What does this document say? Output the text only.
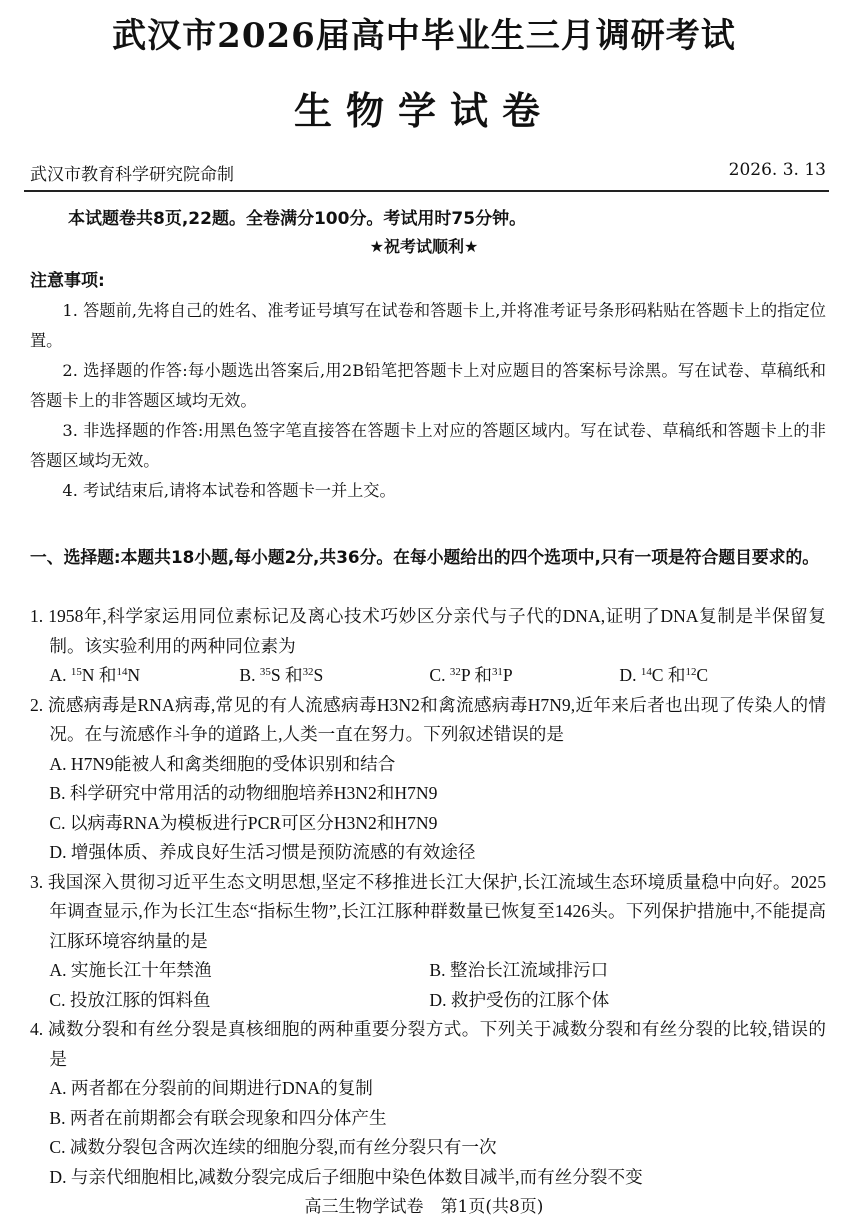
武汉市2026届高中毕业生三月调研考试
生物学试卷
武汉市教育科学研究院命制	2026. 3. 13
本试题卷共8页,22题。全卷满分100分。考试用时75分钟。
★祝考试顺利★
注意事项:

1. 答题前,先将自己的姓名、准考证号填写在试卷和答题卡上,并将准考证号条形码粘贴在答题卡上的指定位置。

2. 选择题的作答:每小题选出答案后,用2B铅笔把答题卡上对应题目的答案标号涂黑。写在试卷、草稿纸和答题卡上的非答题区域均无效。

3. 非选择题的作答:用黑色签字笔直接答在答题卡上对应的答题区域内。写在试卷、草稿纸和答题卡上的非答题区域均无效。

4. 考试结束后,请将本试卷和答题卡一并上交。

一、选择题:本题共18小题,每小题2分,共36分。在每小题给出的四个选项中,只有一项是符合题目要求的。
1. 1958年,科学家运用同位素标记及离心技术巧妙区分亲代与子代的DNA,证明了DNA复制是半保留复制。该实验利用的两种同位素为
A. $^{15}$N 和$^{14}$N	B. $^{35}$S 和$^{32}$S	C. $^{32}$P 和$^{31}$P	D. $^{14}$C 和$^{12}$C
2. 流感病毒是RNA病毒,常见的有人流感病毒H3N2和禽流感病毒H7N9,近年来后者也出现了传染人的情况。在与流感作斗争的道路上,人类一直在努力。下列叙述错误的是
A. H7N9能被人和禽类细胞的受体识别和结合
B. 科学研究中常用活的动物细胞培养H3N2和H7N9
C. 以病毒RNA为模板进行PCR可区分H3N2和H7N9
D. 增强体质、养成良好生活习惯是预防流感的有效途径
3. 我国深入贯彻习近平生态文明思想,坚定不移推进长江大保护,长江流域生态环境质量稳中向好。2025年调查显示,作为长江生态“指标生物”,长江江豚种群数量已恢复至1426头。下列保护措施中,不能提高江豚环境容纳量的是
A. 实施长江十年禁渔	B. 整治长江流域排污口
C. 投放江豚的饵料鱼	D. 救护受伤的江豚个体
4. 减数分裂和有丝分裂是真核细胞的两种重要分裂方式。下列关于减数分裂和有丝分裂的比较,错误的是
A. 两者都在分裂前的间期进行DNA的复制
B. 两者在前期都会有联会现象和四分体产生
C. 减数分裂包含两次连续的细胞分裂,而有丝分裂只有一次
D. 与亲代细胞相比,减数分裂完成后子细胞中染色体数目减半,而有丝分裂不变
高三生物学试卷　第1页(共8页)
